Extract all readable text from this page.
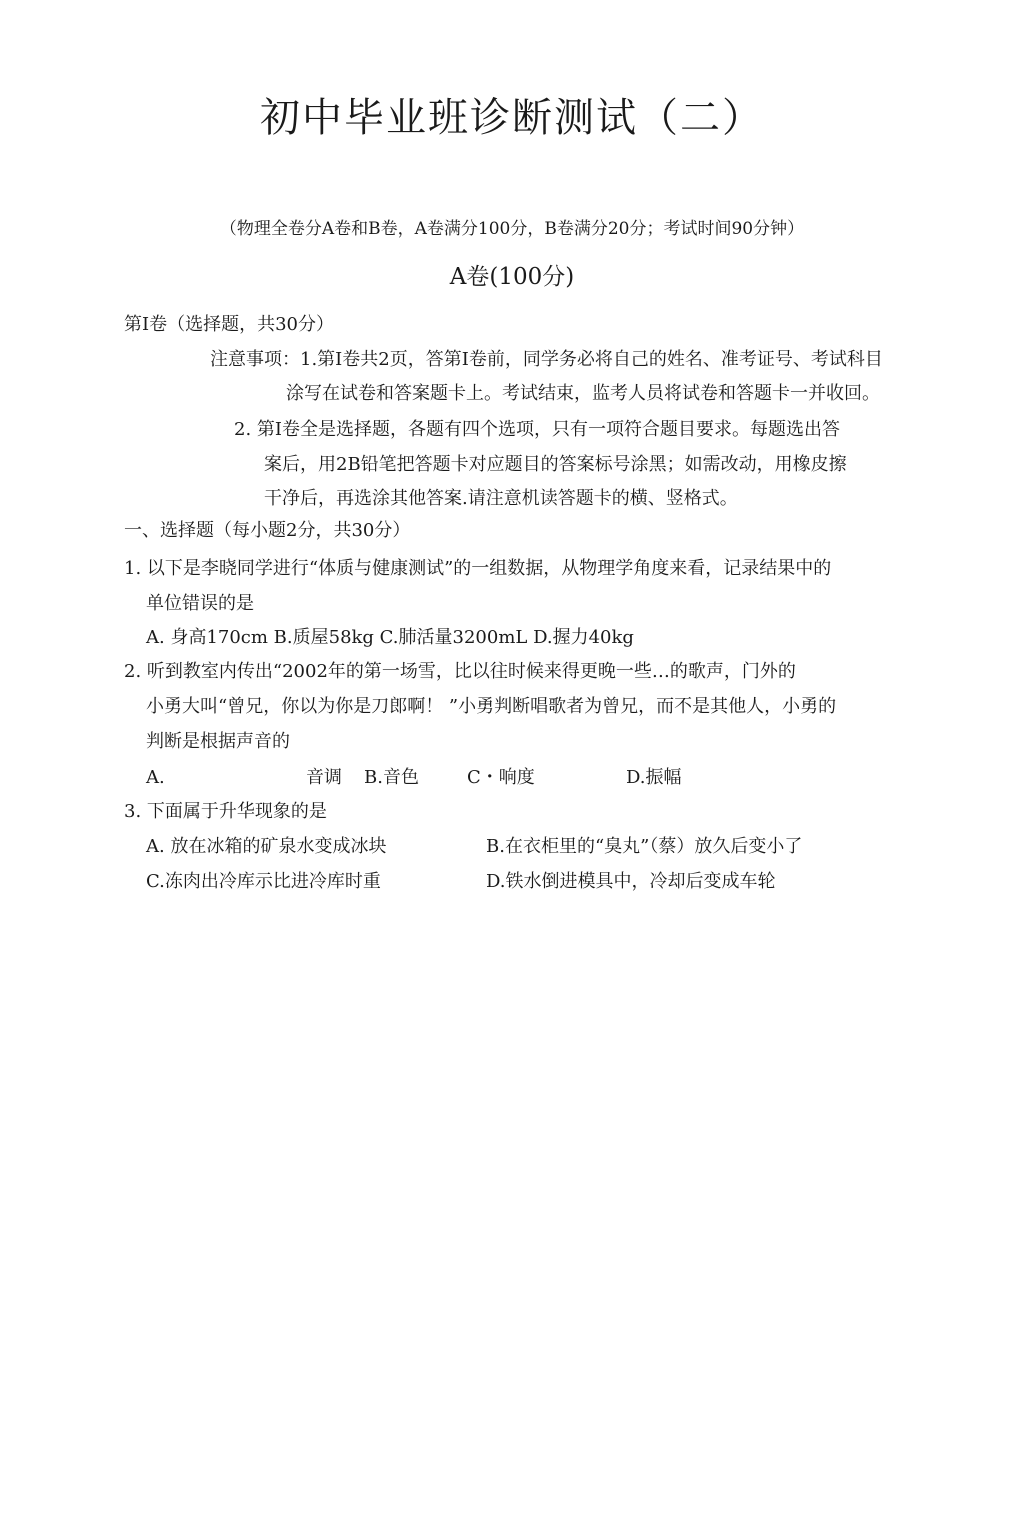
初中毕业班诊断测试（二）
（物理全卷分A卷和B卷，A卷满分100分，B卷满分20分；考试时间90分钟）
A卷(100分)
第Ⅰ卷（选择题，共30分）
注意事项：1.第Ⅰ卷共2页，答第Ⅰ卷前，同学务必将自己的姓名、准考证号、考试科目
涂写在试卷和答案题卡上。考试结束，监考人员将试卷和答题卡一并收回。
2. 第Ⅰ卷全是选择题，各题有四个选项，只有一项符合题目要求。每题选出答
案后，用2B铅笔把答题卡对应题目的答案标号涂黑；如需改动，用橡皮擦
干净后，再选涂其他答案.请注意机读答题卡的横、竖格式。
一、选择题（每小题2分，共30分）
1. 以下是李晓同学进行“体质与健康测试”的一组数据，从物理学角度来看，记录结果中的
单位错误的是
A. 身高170cm B.质屋58kg C.肺活量3200mL D.握力40kg
2. 听到教室内传出“2002年的第一场雪，比以往时候来得更晚一些…的歌声，门外的
小勇大叫“曾兄，你以为你是刀郎啊！ ”小勇判断唱歌者为曾兄，而不是其他人，小勇的
判断是根据声音的
A.	音调 B.音色	C・响度	D.振幅
3. 下面属于升华现象的是
A. 放在冰箱的矿泉水变成冰块	B.在衣柜里的“臭丸”（蔡）放久后变小了
C.冻肉出冷库示比进冷库时重	D.铁水倒进模具中，冷却后变成车轮
